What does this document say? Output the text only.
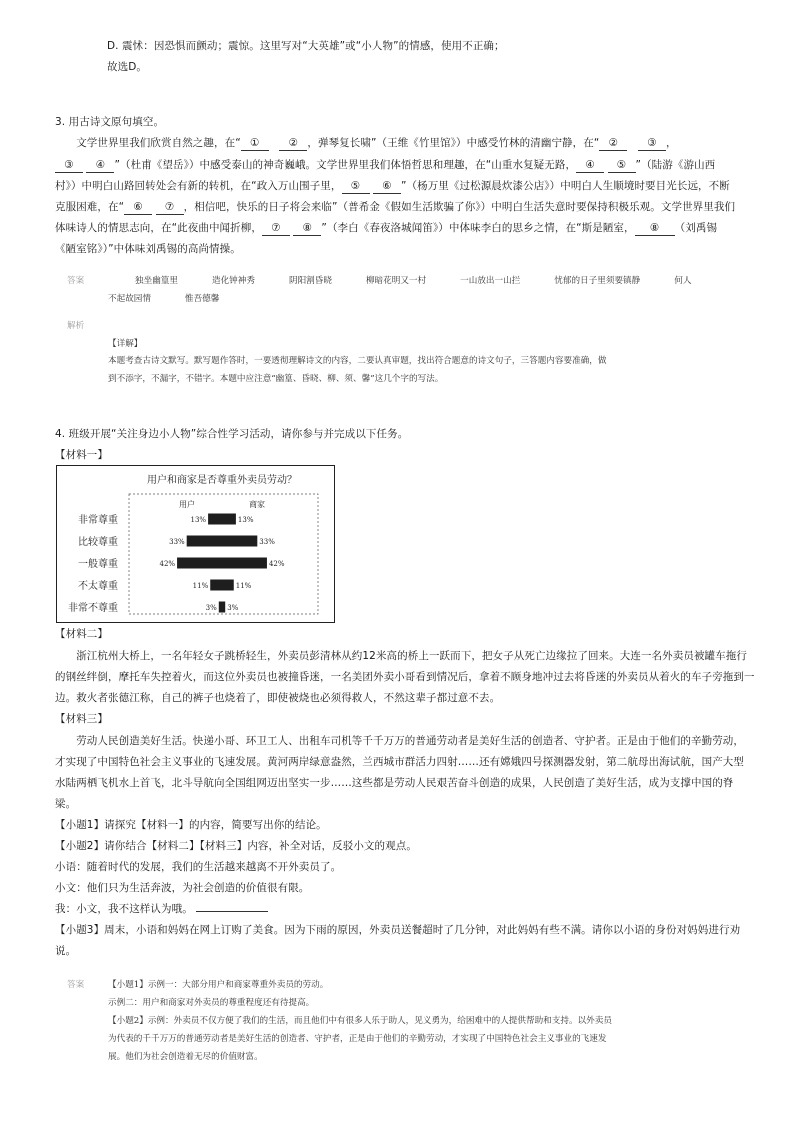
D. 震怵：因恐惧而颤动；震惊。这里写对“大英雄”或“小人物”的情感，使用不正确；
故选D。
3. 用古诗文原句填空。
　　文学世界里我们欣赏自然之趣，在“ ①　	② ，弹琴复长啸”（王维《竹里馆》）中感受竹林的清幽宁静，在“ ②　	③ ，
③ ④ ”（杜甫《望岳》）中感受泰山的神奇巍峨。文学世界里我们体悟哲思和理趣，在“山重水复疑无路， ④ ⑤ ”（陆游《游山西
村》）中明白山路回转处会有新的转机，在“政入万山围子里， ⑤ ⑥ ”（杨万里《过松源晨炊漆公店》）中明白人生顺境时要目光长远，不断
克服困难，在“ ⑥ ⑦ ，相信吧，快乐的日子将会来临”（普希金《假如生活欺骗了你》）中明白生活失意时要保持积极乐观。文学世界里我们
体味诗人的情思志向，在“此夜曲中闻折柳， ⑦ ⑧ ”（李白《春夜洛城闻笛》）中体味李白的思乡之情，在“斯是陋室， ⑧ （刘禹锡
《陋室铭》）”中体味刘禹锡的高尚情操。
答案	独坐幽篁里	造化钟神秀	阴阳割昏晓	柳暗花明又一村	一山放出一山拦	忧郁的日子里须要镇静	何人
不起故园情	惟吾德馨
解析
【详解】
本题考查古诗文默写。默写题作答时，一要透彻理解诗文的内容，二要认真审题，找出符合题意的诗文句子，三答题内容要准确，做
到不添字，不漏字，不错字。本题中应注意“幽篁、昏晓、柳、须、馨”这几个字的写法。
4. 班级开展“关注身边小人物”综合性学习活动，请你参与并完成以下任务。
【材料一】
用户和商家是否尊重外卖员劳动？
用户	商家
非常尊重	13%	13%
比较尊重	33%	33%
一般尊重	42%	42%
不太尊重	11%	11%
非常不尊重	3% 3%
【材料二】
　　浙江杭州大桥上，一名年轻女子跳桥轻生，外卖员彭清林从约12米高的桥上一跃而下，把女子从死亡边缘拉了回来。大连一名外卖员被罐车拖行
的钢丝绊倒，摩托车失控着火，而这位外卖员也被撞昏迷，一名美团外卖小哥看到情况后，拿着不顾身地冲过去将昏迷的外卖员从着火的车子旁拖到一
边。救火者张德江称，自己的裤子也烧着了，即使被烧也必须得救人，不然这辈子都过意不去。
【材料三】
　　劳动人民创造美好生活。快递小哥、环卫工人、出租车司机等千千万万的普通劳动者是美好生活的创造者、守护者。正是由于他们的辛勤劳动，
才实现了中国特色社会主义事业的飞速发展。黄河两岸绿意盎然，兰西城市群活力四射……还有嫦娥四号探测器发射，第二航母出海试航，国产大型
水陆两栖飞机水上首飞，北斗导航向全国组网迈出坚实一步……这些都是劳动人民艰苦奋斗创造的成果，人民创造了美好生活，成为支撑中国的脊
梁。
【小题1】请探究【材料一】的内容，简要写出你的结论。
【小题2】请你结合【材料二】【材料三】内容，补全对话，反驳小文的观点。
小语：随着时代的发展，我们的生活越来越离不开外卖员了。
小文：他们只为生活奔波，为社会创造的价值很有限。
我：小文，我不这样认为哦。
【小题3】周末，小语和妈妈在网上订购了美食。因为下雨的原因，外卖员送餐超时了几分钟，对此妈妈有些不满。请你以小语的身份对妈妈进行劝
说。
答案	【小题1】示例一：大部分用户和商家尊重外卖员的劳动。
示例二：用户和商家对外卖员的尊重程度还有待提高。
【小题2】示例：外卖员不仅方便了我们的生活，而且他们中有很多人乐于助人，见义勇为，给困难中的人提供帮助和支持。以外卖员
为代表的千千万万的普通劳动者是美好生活的创造者、守护者，正是由于他们的辛勤劳动，才实现了中国特色社会主义事业的飞速发
展。他们为社会创造着无尽的价值财富。
